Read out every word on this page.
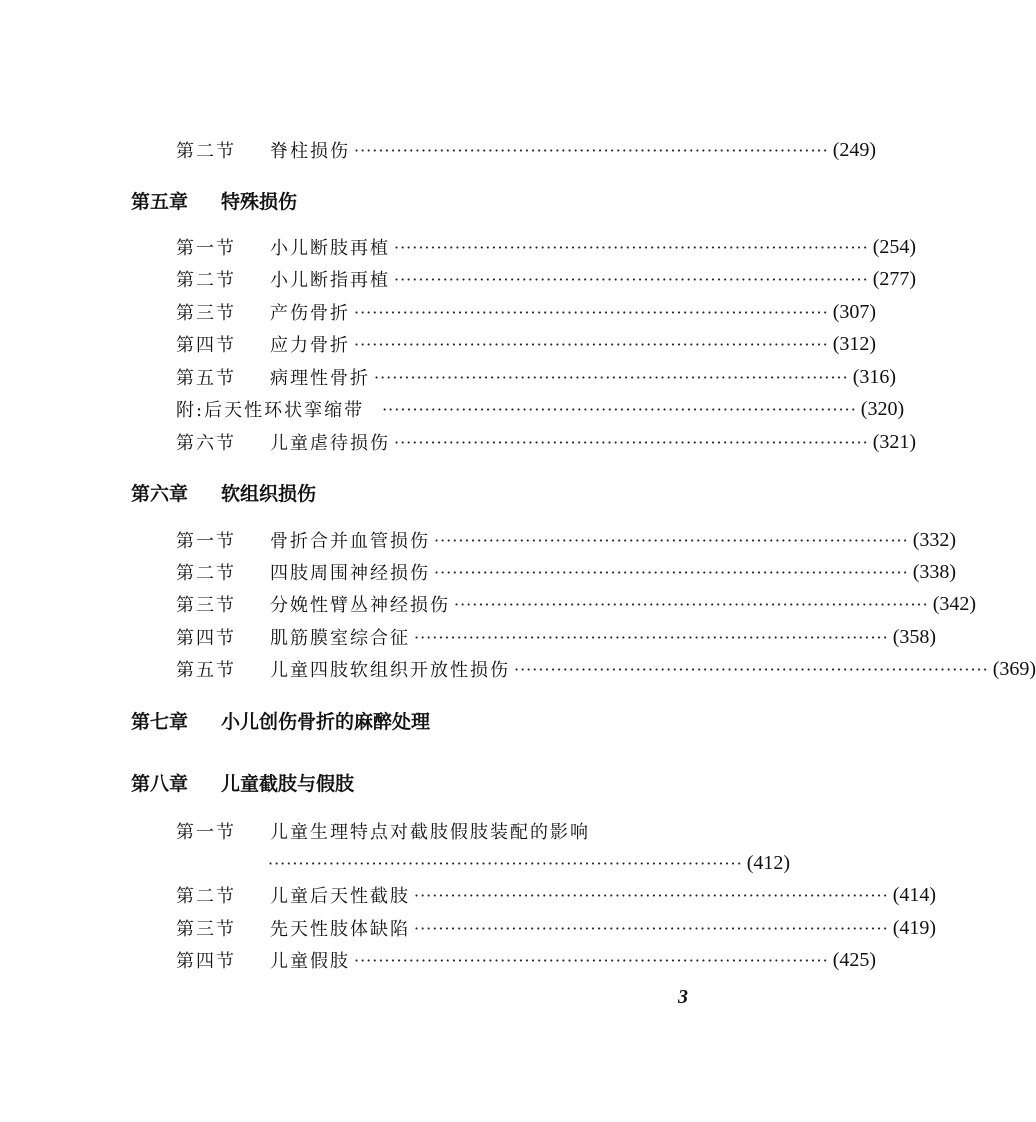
第二节	脊柱损伤 ·············································································· (249)
第五章	特殊损伤
第一节	小儿断肢再植 ·············································································· (254)
第二节	小儿断指再植 ·············································································· (277)
第三节	产伤骨折 ·············································································· (307)
第四节	应力骨折 ·············································································· (312)
第五节	病理性骨折 ·············································································· (316)
附:后天性环状挛缩带 ·············································································· (320)
第六节	儿童虐待损伤 ·············································································· (321)
第六章	软组织损伤
第一节	骨折合并血管损伤 ·············································································· (332)
第二节	四肢周围神经损伤 ·············································································· (338)
第三节	分娩性臂丛神经损伤 ·············································································· (342)
第四节	肌筋膜室综合征 ·············································································· (358)
第五节	儿童四肢软组织开放性损伤 ·············································································· (369)
第七章	小儿创伤骨折的麻醉处理
第八章	儿童截肢与假肢
第一节	儿童生理特点对截肢假肢装配的影响
·············································································· (412)
第二节	儿童后天性截肢 ·············································································· (414)
第三节	先天性肢体缺陷 ·············································································· (419)
第四节	儿童假肢 ·············································································· (425)
3
